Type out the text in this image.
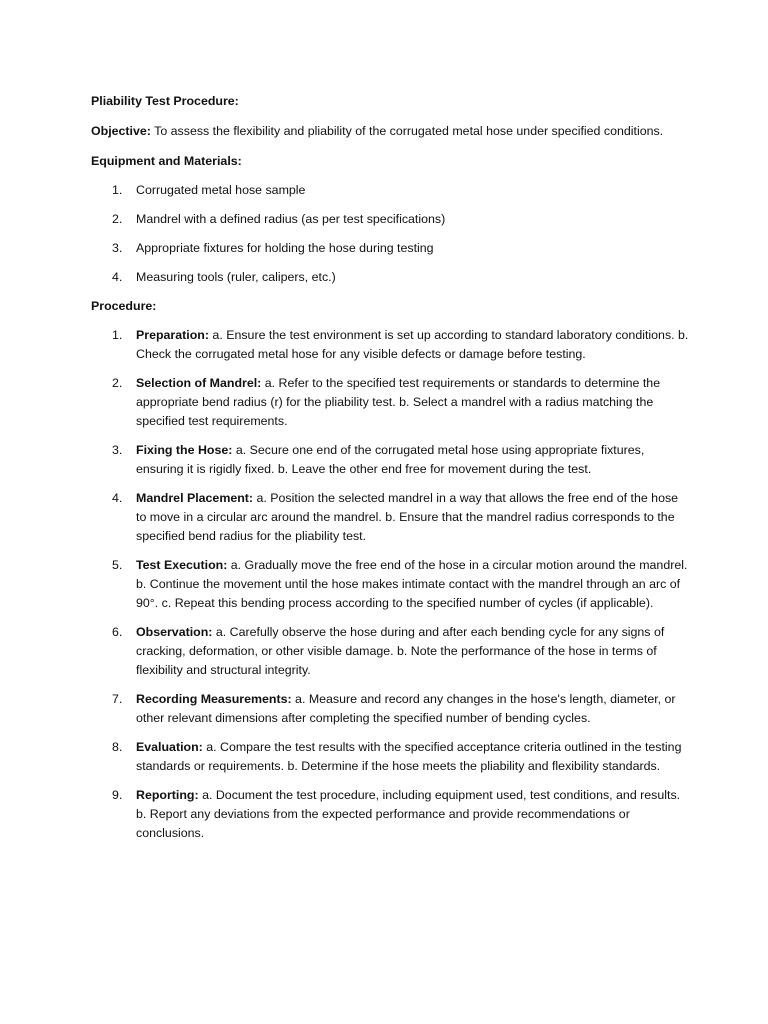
Pliability Test Procedure:

Objective: To assess the flexibility and pliability of the corrugated metal hose under specified conditions.

Equipment and Materials:

1. Corrugated metal hose sample
2. Mandrel with a defined radius (as per test specifications)
3. Appropriate fixtures for holding the hose during testing
4. Measuring tools (ruler, calipers, etc.)

Procedure:

1. Preparation: a. Ensure the test environment is set up according to standard laboratory conditions. b. Check the corrugated metal hose for any visible defects or damage before testing.
2. Selection of Mandrel: a. Refer to the specified test requirements or standards to determine the appropriate bend radius (r) for the pliability test. b. Select a mandrel with a radius matching the specified test requirements.
3. Fixing the Hose: a. Secure one end of the corrugated metal hose using appropriate fixtures, ensuring it is rigidly fixed. b. Leave the other end free for movement during the test.
4. Mandrel Placement: a. Position the selected mandrel in a way that allows the free end of the hose to move in a circular arc around the mandrel. b. Ensure that the mandrel radius corresponds to the specified bend radius for the pliability test.
5. Test Execution: a. Gradually move the free end of the hose in a circular motion around the mandrel. b. Continue the movement until the hose makes intimate contact with the mandrel through an arc of 90°. c. Repeat this bending process according to the specified number of cycles (if applicable).
6. Observation: a. Carefully observe the hose during and after each bending cycle for any signs of cracking, deformation, or other visible damage. b. Note the performance of the hose in terms of flexibility and structural integrity.
7. Recording Measurements: a. Measure and record any changes in the hose's length, diameter, or other relevant dimensions after completing the specified number of bending cycles.
8. Evaluation: a. Compare the test results with the specified acceptance criteria outlined in the testing standards or requirements. b. Determine if the hose meets the pliability and flexibility standards.
9. Reporting: a. Document the test procedure, including equipment used, test conditions, and results. b. Report any deviations from the expected performance and provide recommendations or conclusions.
